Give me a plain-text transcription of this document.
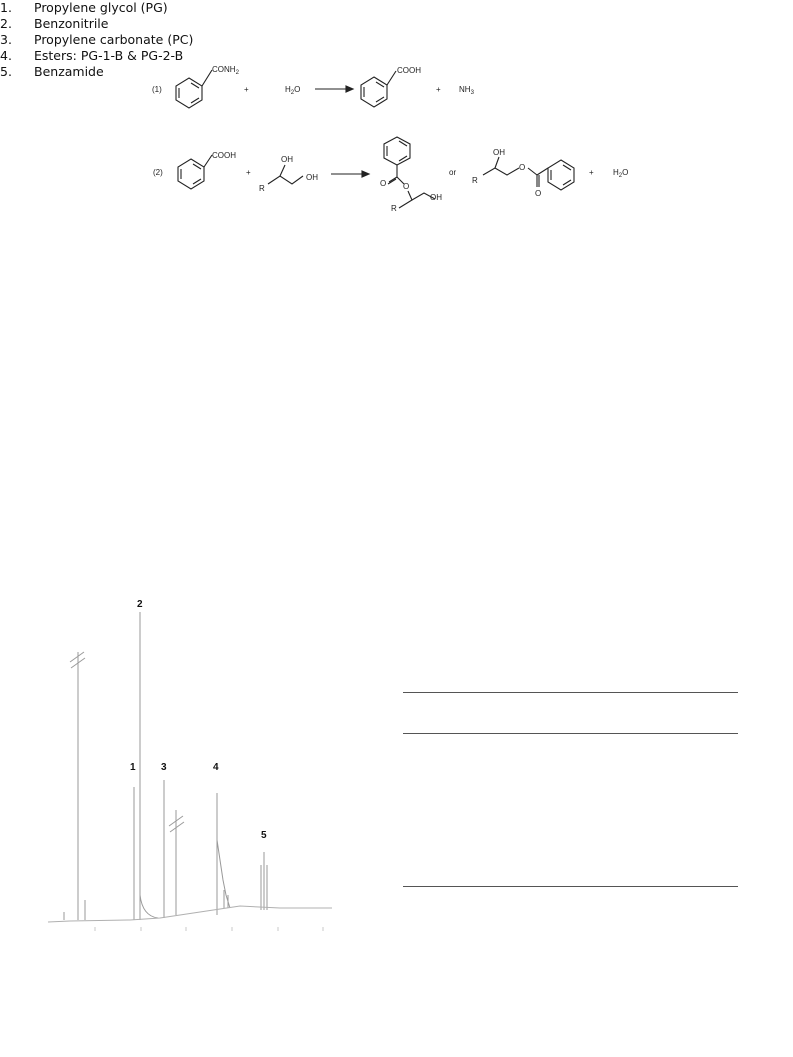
(1)
$CONH_2$
+	$H_2O$
COOH
+ $NH_3$
(2)
COOH
+
OH
OH
R
O O
OH
R
or
OH
O
O
R
+ $H_2O$
1
2
3	4
5
1.	Propylene glycol (PG)
2.	Benzonitrile
3.	Propylene carbonate (PC)
4.	Esters: PG-1-B & PG-2-B
5.	Benzamide
